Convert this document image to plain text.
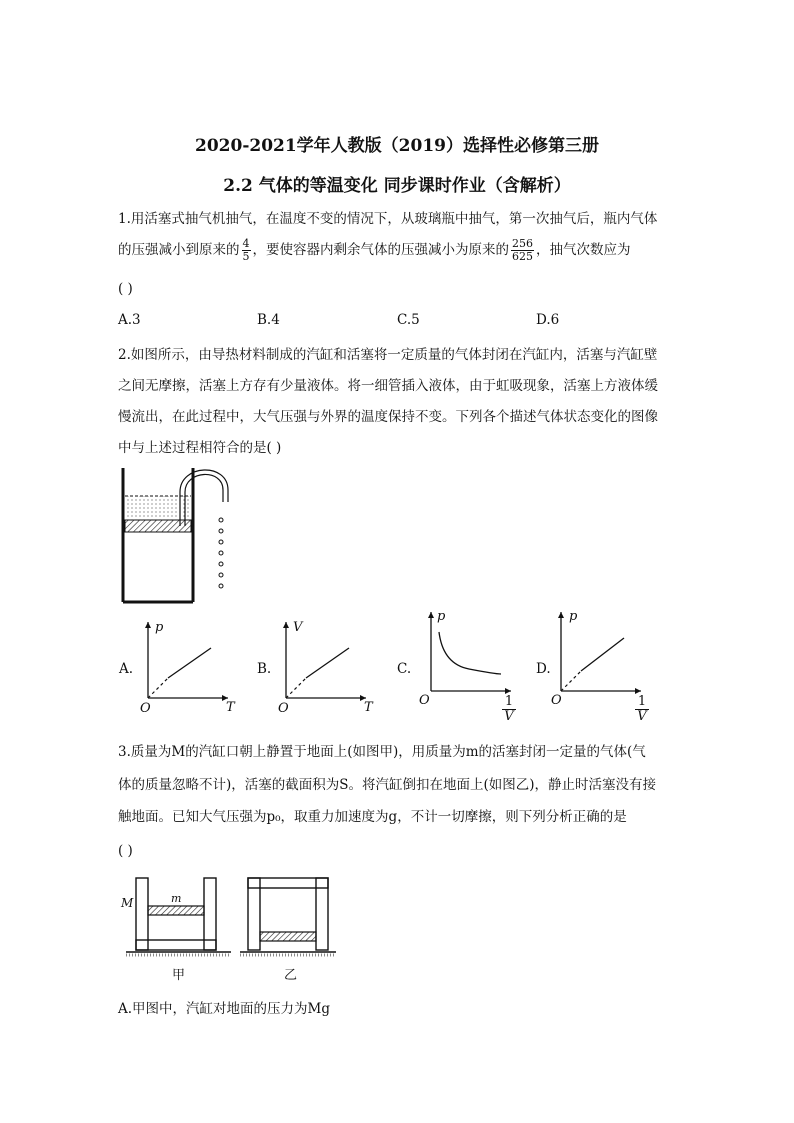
2020-2021学年人教版（2019）选择性必修第三册
2.2 气体的等温变化 同步课时作业（含解析）
1.用活塞式抽气机抽气，在温度不变的情况下，从玻璃瓶中抽气，第一次抽气后，瓶内气体
的压强减小到原来的 $\frac{4}{5}$ ，要使容器内剩余气体的压强减小为原来的 $\frac{256}{625}$ ，抽气次数应为
( )
A.3	B.4	C.5	D.6
2.如图所示，由导热材料制成的汽缸和活塞将一定质量的气体封闭在汽缸内，活塞与汽缸壁
之间无摩擦，活塞上方存有少量液体。将一细管插入液体，由于虹吸现象，活塞上方液体缓
慢流出，在此过程中，大气压强与外界的温度保持不变。下列各个描述气体状态变化的图像
中与上述过程相符合的是( )
A.
p
T
O
B.
V
T
O
C.
p
$\frac{1}{V}$
O
D.
p
$\frac{1}{V}$
O
3.质量为M的汽缸口朝上静置于地面上(如图甲)，用质量为m的活塞封闭一定量的气体(气
体的质量忽略不计)，活塞的截面积为S。将汽缸倒扣在地面上(如图乙)，静止时活塞没有接
触地面。已知大气压强为p₀，取重力加速度为g，不计一切摩擦，则下列分析正确的是
( )
M	m
甲	乙
A.甲图中，汽缸对地面的压力为Mg
